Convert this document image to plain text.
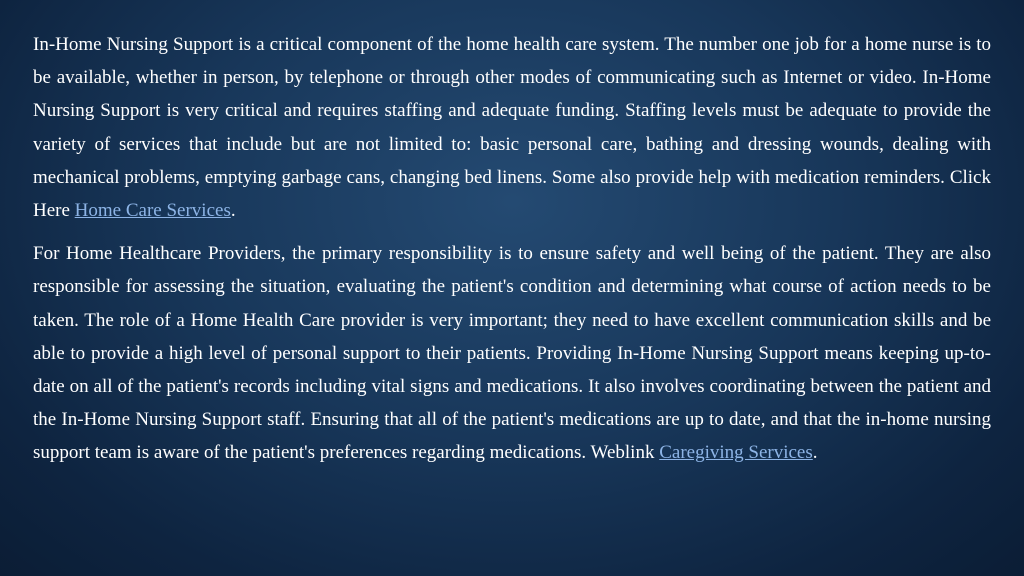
In-Home Nursing Support is a critical component of the home health care system. The number one job for a home nurse is to be available, whether in person, by telephone or through other modes of communicating such as Internet or video. In-Home Nursing Support is very critical and requires staffing and adequate funding. Staffing levels must be adequate to provide the variety of services that include but are not limited to: basic personal care, bathing and dressing wounds, dealing with mechanical problems, emptying garbage cans, changing bed linens. Some also provide help with medication reminders. Click Here Home Care Services.

For Home Healthcare Providers, the primary responsibility is to ensure safety and well being of the patient. They are also responsible for assessing the situation, evaluating the patient's condition and determining what course of action needs to be taken. The role of a Home Health Care provider is very important; they need to have excellent communication skills and be able to provide a high level of personal support to their patients. Providing In-Home Nursing Support means keeping up-to-date on all of the patient's records including vital signs and medications. It also involves coordinating between the patient and the In-Home Nursing Support staff. Ensuring that all of the patient's medications are up to date, and that the in-home nursing support team is aware of the patient's preferences regarding medications. Weblink Caregiving Services.
